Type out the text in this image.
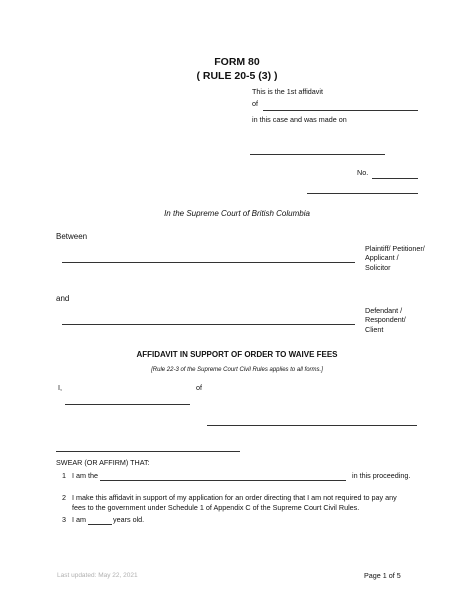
FORM 80
( RULE 20-5 (3) )
This is the 1st affidavit
of
in this case and was made on
No.
In the Supreme Court of British Columbia
Between
Plaintiff/ Petitioner/ Applicant / Solicitor
and
Defendant / Respondent/ Client
AFFIDAVIT IN SUPPORT OF ORDER TO WAIVE FEES
[Rule 22-3 of the Supreme Court Civil Rules applies to all forms.]
I,	of
SWEAR (OR AFFIRM) THAT:
1 I am the	in this proceeding.
2 I make this affidavit in support of my application for an order directing that I am not required to pay any
fees to the government under Schedule 1 of Appendix C of the Supreme Court Civil Rules.
3 I am	years old.
Last updated: May 22, 2021	Page 1 of 5
